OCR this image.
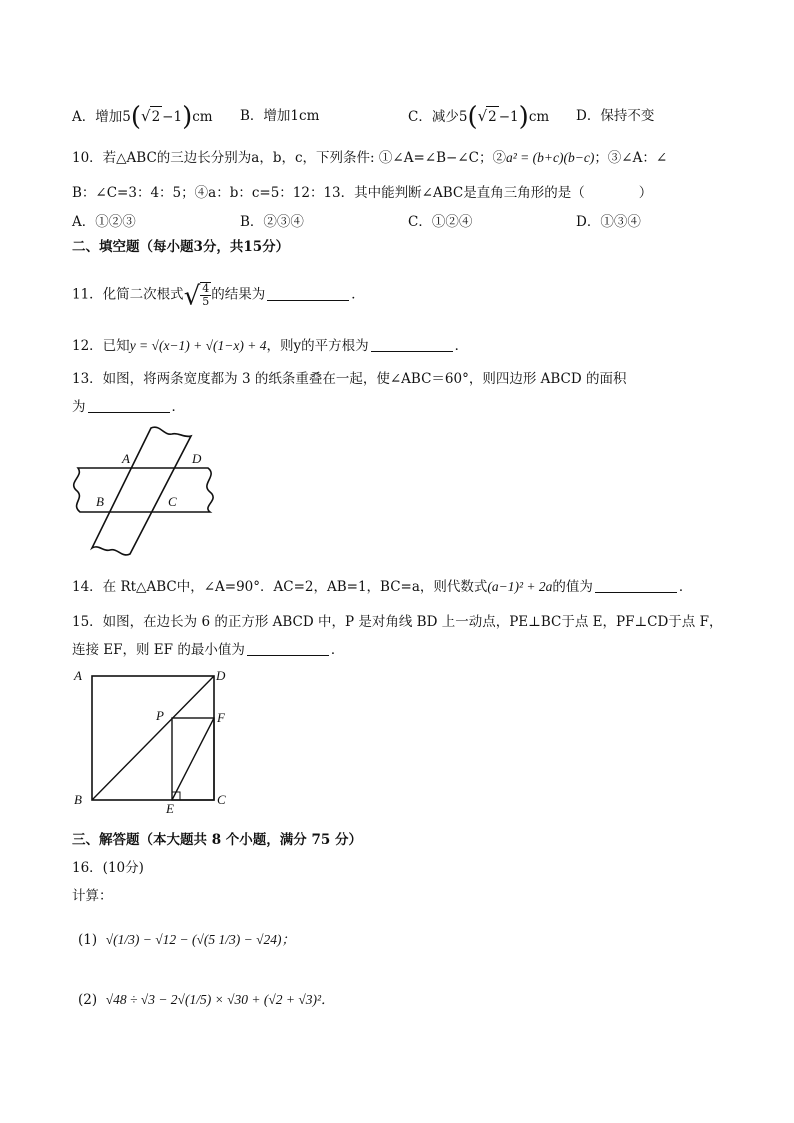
A．增加5(√2 −1)cm B．增加1cm	C．减少5(√2 −1)cm D．保持不变
10．若△ABC的三边长分别为a，b，c，下列条件: ①∠A=∠B−∠C；②a² = (b+c)(b−c)；③∠A：∠
B：∠C=3：4：5；④a：b：c=5：12：13．其中能判断∠ABC是直角三角形的是（　　　　）
A．①②③	B．②③④	C．①②④	D．①③④
二、填空题（每小题3分，共15分）
11．化简二次根式√ $\frac{4}{5}$ 的结果为	．
12．已知y = √(x−1) + √(1−x) + 4，则y的平方根为	．
13．如图，将两条宽度都为 3 的纸条重叠在一起，使∠ABC＝60°，则四边形 ABCD 的面积
为	．
A	D
B	C
14．在 Rt△ABC中，∠A=90°．AC=2，AB=1，BC=a，则代数式(a−1)² + 2a的值为	．
15．如图，在边长为 6 的正方形 ABCD 中，P 是对角线 BD 上一动点，PE⊥BC于点 E，PF⊥CD于点 F，
连接 EF，则 EF 的最小值为	．
A	D
P	F
B
E
C
三、解答题（本大题共 8 个小题，满分 75 分）
16．(10分)
计算：
(1) √(1/3) − √12 − (√(5 1/3) − √24)；
(2) √48 ÷ √3 − 2√(1/5) × √30 + (√2 + √3)²．
